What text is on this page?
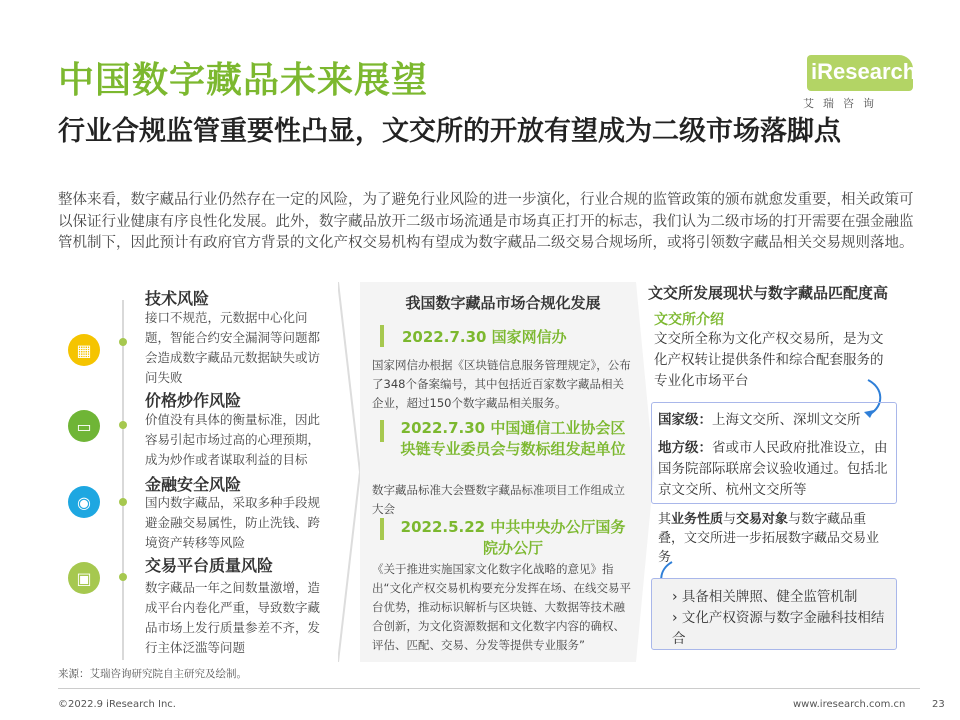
中国数字藏品未来展望	iResearch
艾瑞咨询
行业合规监管重要性凸显，文交所的开放有望成为二级市场落脚点
整体来看，数字藏品行业仍然存在一定的风险，为了避免行业风险的进一步演化，行业合规的监管政策的颁布就愈发重要，相关政策可以保证行业健康有序良性化发展。此外，数字藏品放开二级市场流通是市场真正打开的标志，我们认为二级市场的打开需要在强金融监管机制下，因此预计有政府官方背景的文化产权交易机构有望成为数字藏品二级交易合规场所，或将引领数字藏品相关交易规则落地。
▦
技术风险
接口不规范，元数据中心化问题，智能合约安全漏洞等问题都会造成数字藏品元数据缺失或访问失败
▭
价格炒作风险
价值没有具体的衡量标准，因此容易引起市场过高的心理预期，成为炒作或者谋取利益的目标
◉
金融安全风险
国内数字藏品，采取多种手段规避金融交易属性，防止洗钱、跨境资产转移等风险
▣
交易平台质量风险
数字藏品一年之间数量激增，造成平台内卷化严重，导致数字藏品市场上发行质量参差不齐，发行主体泛滥等问题
我国数字藏品市场合规化发展
2022.7.30 国家网信办
国家网信办根据《区块链信息服务管理规定》，公布了348个备案编号，其中包括近百家数字藏品相关企业，超过150个数字藏品相关服务。
2022.7.30 中国通信工业协会区块链专业委员会与数标组发起单位
数字藏品标准大会暨数字藏品标准项目工作组成立大会
2022.5.22 中共中央办公厅国务院办公厅
《关于推进实施国家文化数字化战略的意见》指出“文化产权交易机构要充分发挥在场、在线交易平台优势，推动标识解析与区块链、大数据等技术融合创新，为文化资源数据和文化数字内容的确权、评估、匹配、交易、分发等提供专业服务”
文交所发展现状与数字藏品匹配度高
文交所介绍
文交所全称为文化产权交易所，是为文化产权转让提供条件和综合配套服务的专业化市场平台
国家级：上海文交所、深圳文交所
地方级：省或市人民政府批准设立，由国务院部际联席会议验收通过。包括北京文交所、杭州文交所等
其业务性质与交易对象与数字藏品重叠，文交所进一步拓展数字藏品交易业务
› 具备相关牌照、健全监管机制
› 文化产权资源与数字金融科技相结合
来源：艾瑞咨询研究院自主研究及绘制。
©2022.9 iResearch Inc.	www.iresearch.com.cn	23
